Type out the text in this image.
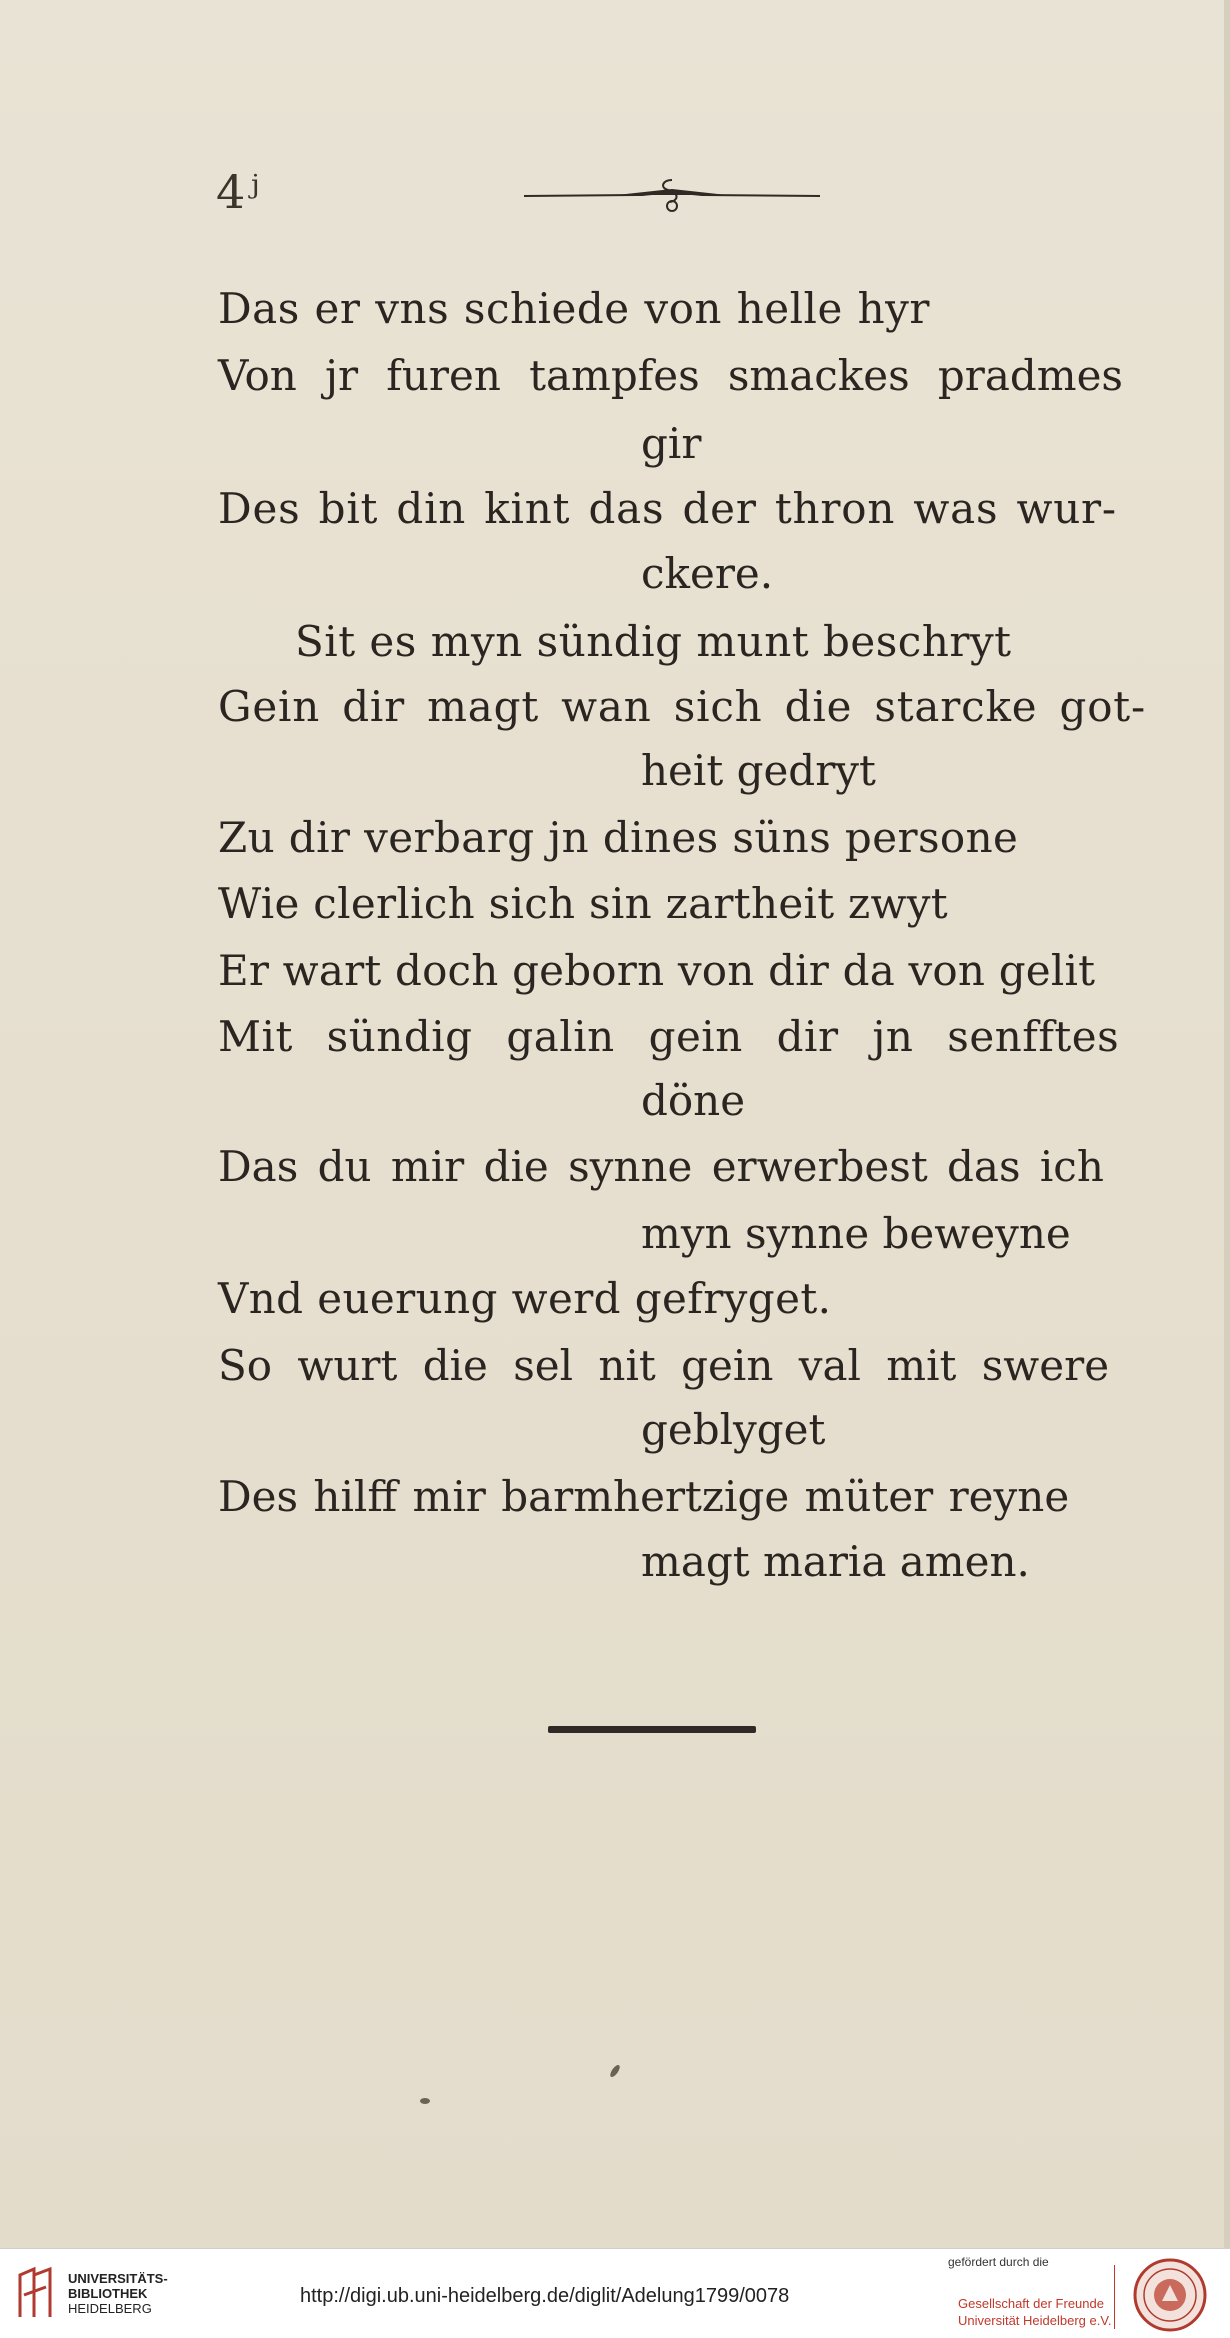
4ʲ
Das er vns schiede von helle hyr
Von jr furen tampfes smackes pradmes
gir
Des bit din kint das der thron was wur-
ckere.
Sit es myn sündig munt beschryt
Gein dir magt wan sich die starcke got-
heit gedryt
Zu dir verbarg jn dines süns persone
Wie clerlich sich sin zartheit zwyt
Er wart doch geborn von dir da von gelit
Mit sündig galin gein dir jn senfftes
döne
Das du mir die synne erwerbest das ich
myn synne beweyne
Vnd euerung werd gefryget.
So wurt die sel nit gein val mit swere
geblyget
Des hilff mir barmhertzige müter reyne
magt maria amen.
UNIVERSITÄTS-
BIBLIOTHEK
HEIDELBERG
http://digi.ub.uni-heidelberg.de/diglit/Adelung1799/0078
gefördert durch die
Gesellschaft der Freunde
Universität Heidelberg e.V.
